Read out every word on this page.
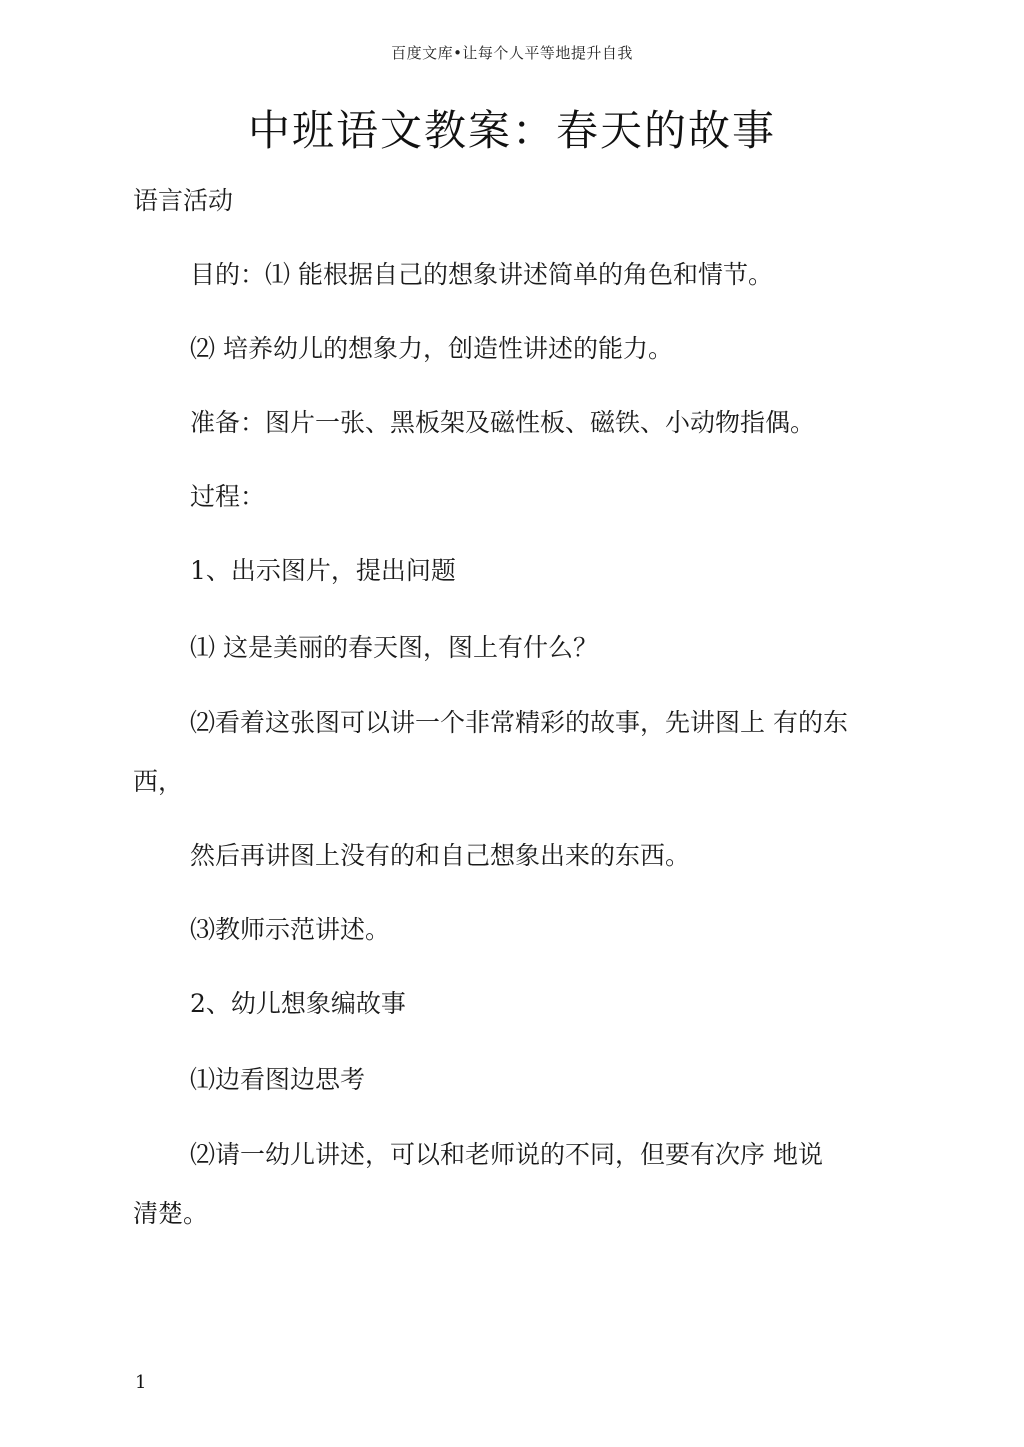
百度文库•让每个人平等地提升自我
中班语文教案：春天的故事
语言活动
目的：⑴ 能根据自己的想象讲述简单的角色和情节。
⑵ 培养幼儿的想象力，创造性讲述的能力。
准备：图片一张、黑板架及磁性板、磁铁、小动物指偶。
过程：
1、出示图片，提出问题
⑴ 这是美丽的春天图，图上有什么？
⑵看着这张图可以讲一个非常精彩的故事，先讲图上 有的东
西，
然后再讲图上没有的和自己想象出来的东西。
⑶教师示范讲述。
2、幼儿想象编故事
⑴边看图边思考
⑵请一幼儿讲述，可以和老师说的不同，但要有次序 地说
清楚。
1
